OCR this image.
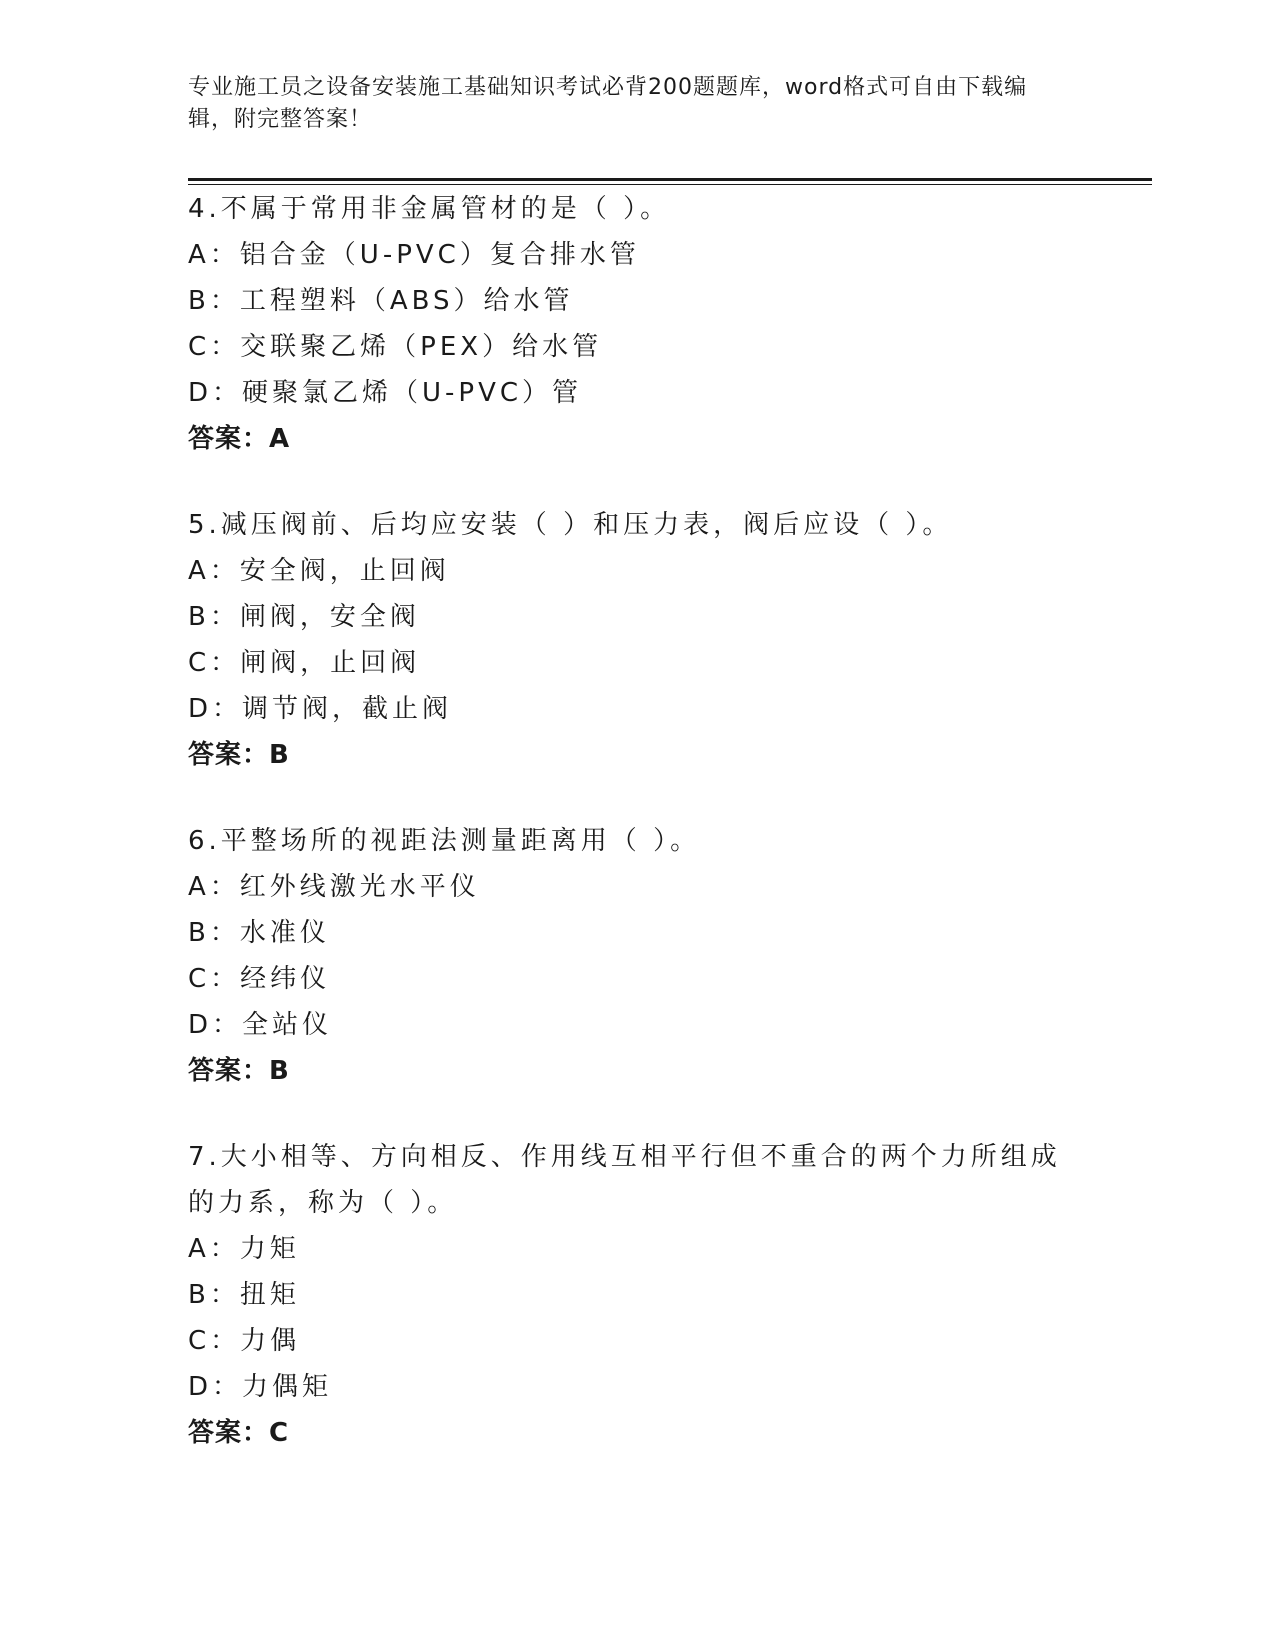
专业施工员之设备安装施工基础知识考试必背200题题库，word格式可自由下载编辑，附完整答案！

4.不属于常用非金属管材的是（ ）。

A：铝合金（U-PVC）复合排水管

B：工程塑料（ABS）给水管

C：交联聚乙烯（PEX）给水管

D：硬聚氯乙烯（U-PVC）管

答案：A

5.减压阀前、后均应安装（ ）和压力表，阀后应设（ ）。

A：安全阀，止回阀

B：闸阀，安全阀

C：闸阀，止回阀

D：调节阀，截止阀

答案：B

6.平整场所的视距法测量距离用（ ）。

A：红外线激光水平仪

B：水准仪

C：经纬仪

D：全站仪

答案：B

7.大小相等、方向相反、作用线互相平行但不重合的两个力所组成的力系，称为（ ）。

A：力矩

B：扭矩

C：力偶

D：力偶矩

答案：C
